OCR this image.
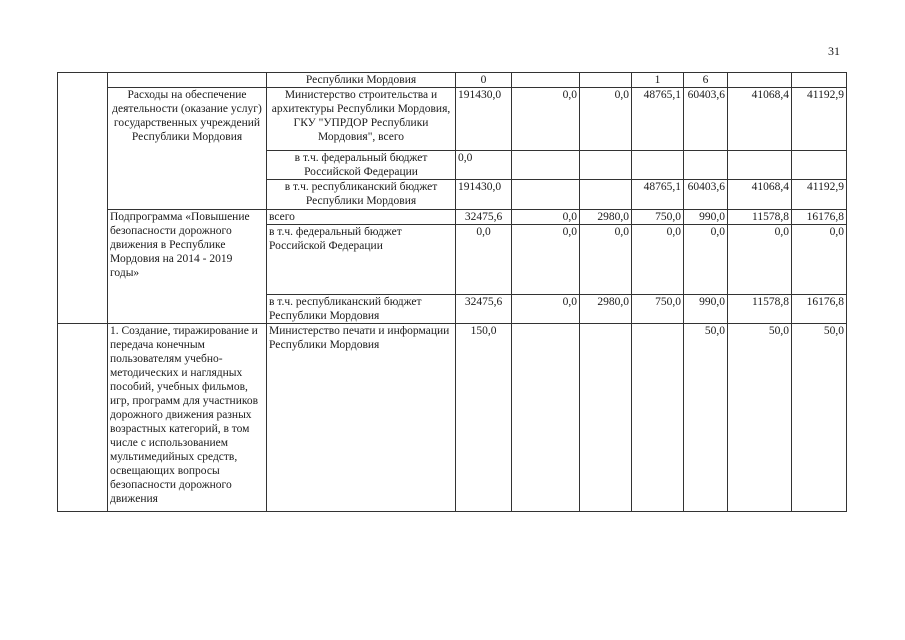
31
		Республики Мордовия	0			1	6		
	Расходы на обеспечение деятельности (оказание услуг) государственных учреждений Республики Мордовия	Министерство строительства и архитектуры Республики Мордовия, ГКУ "УПРДОР Республики Мордовия", всего	191430,0	0,0	0,0	48765,1	60403,6	41068,4	41192,9
		в т.ч. федеральный бюджет Российской Федерации	0,0						
		в т.ч. республиканский бюджет Республики Мордовия	191430,0			48765,1	60403,6	41068,4	41192,9
	Подпрограмма «Повышение безопасности дорожного движения в Республике Мордовия на 2014 - 2019 годы»	всего	32475,6	0,0	2980,0	750,0	990,0	11578,8	16176,8
		в т.ч. федеральный бюджет Российской Федерации	0,0	0,0	0,0	0,0	0,0	0,0	0,0
		в т.ч. республиканский бюджет Республики Мордовия	32475,6	0,0	2980,0	750,0	990,0	11578,8	16176,8
	1. Создание, тиражирование и передача конечным пользователям учебно-методических и наглядных пособий, учебных фильмов, игр, программ для участников дорожного движения разных возрастных категорий, в том числе с использованием мультимедийных средств, освещающих вопросы безопасности дорожного движения	Министерство печати и информации Республики Мордовия	150,0				50,0	50,0	50,0
